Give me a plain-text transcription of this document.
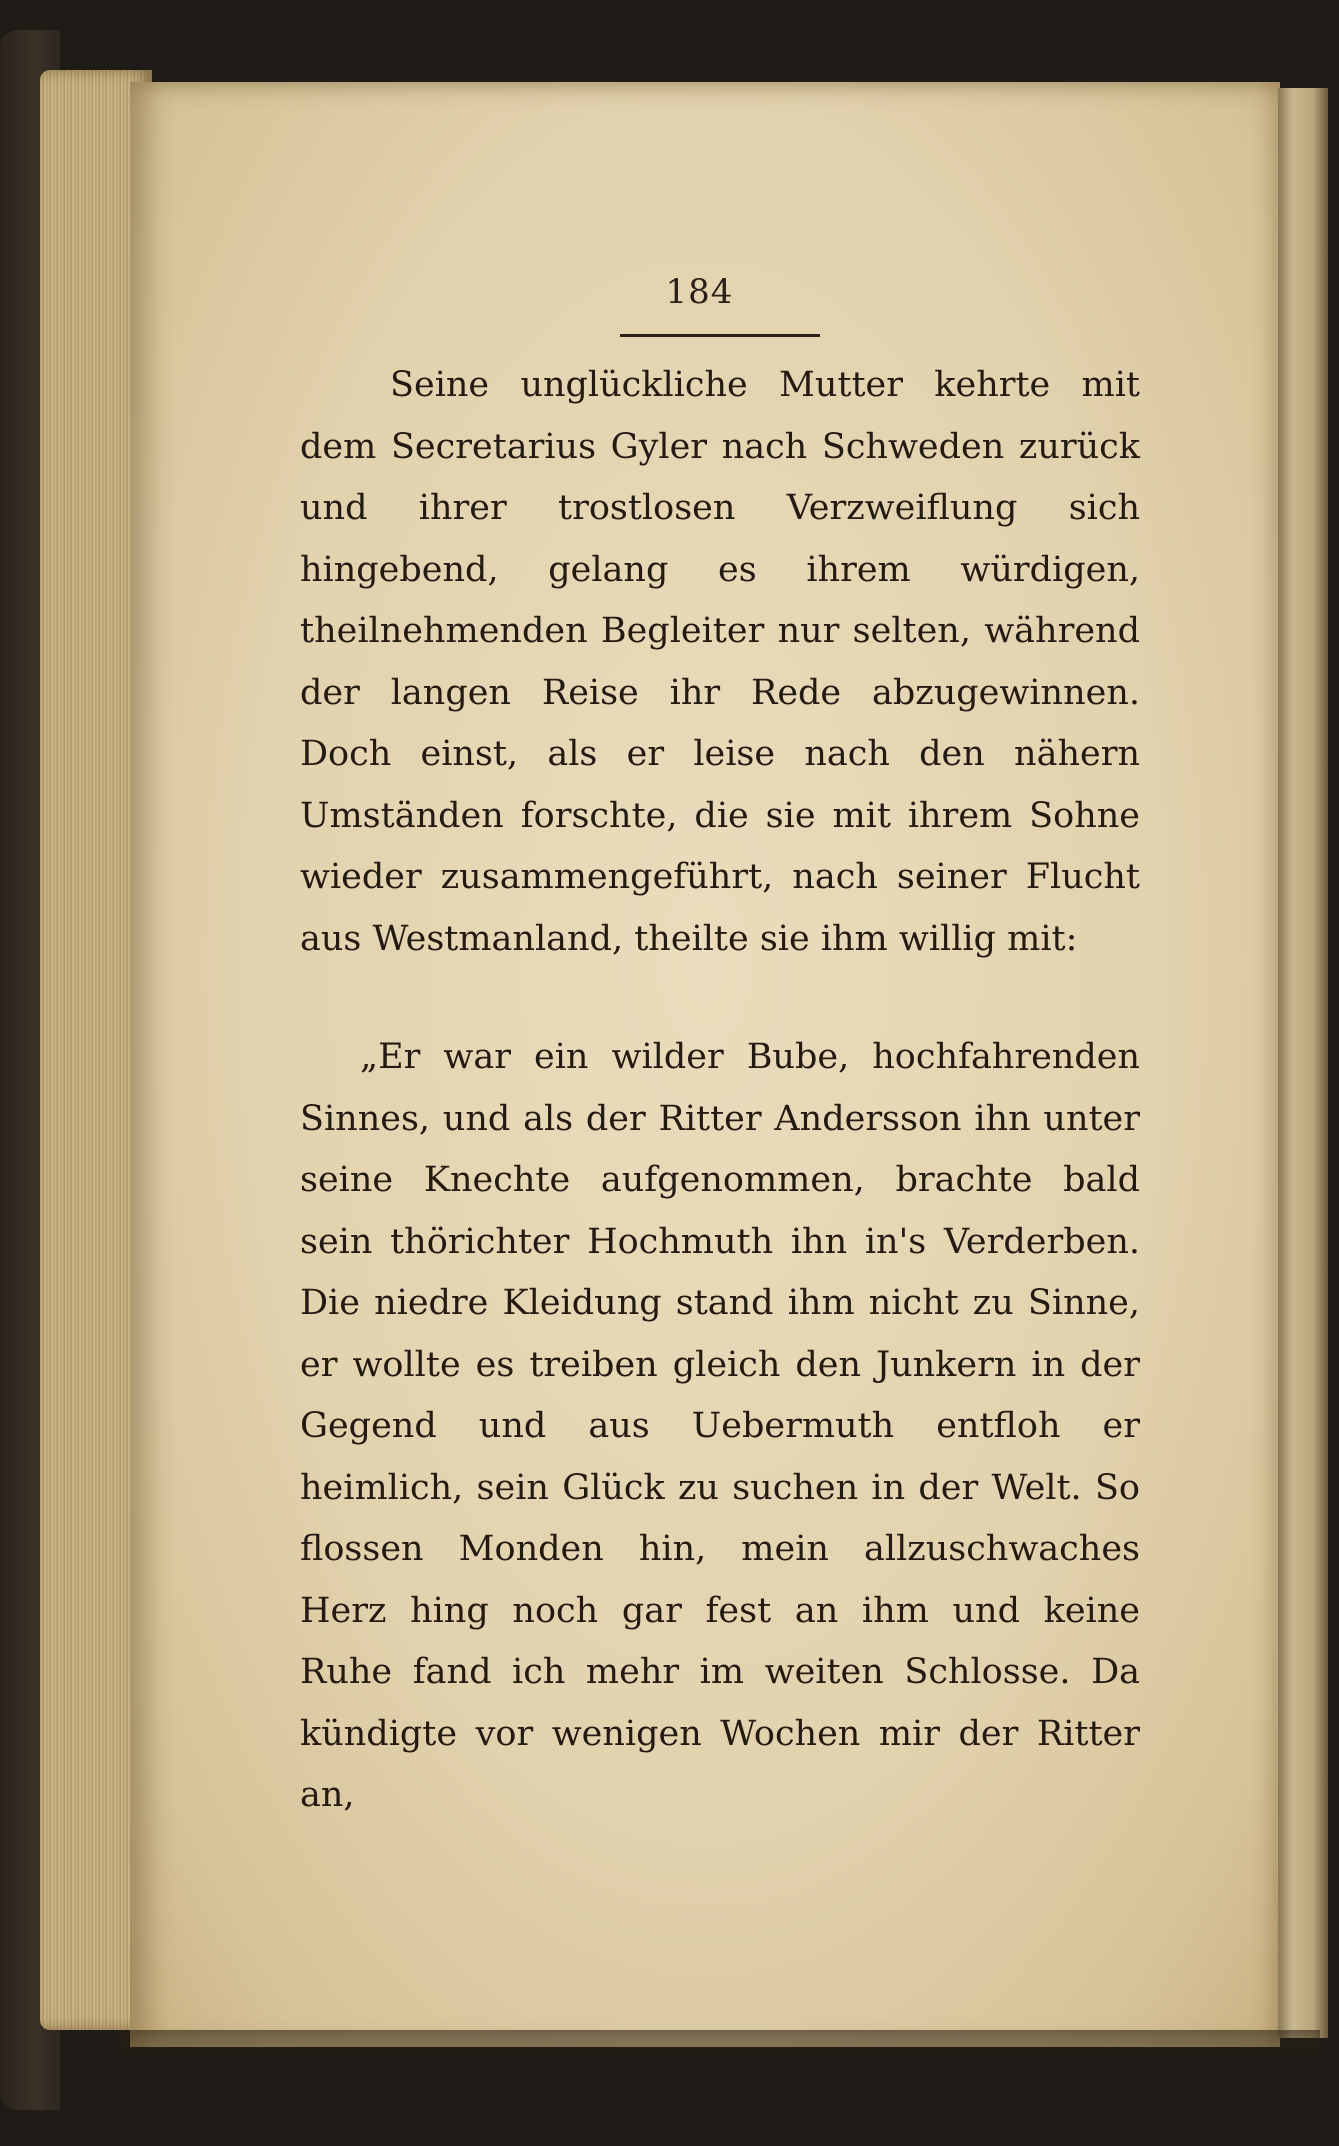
184

Seine unglückliche Mutter kehrte mit dem Secretarius Gyler nach Schweden zurück und ihrer trostlosen Verzweiflung sich hingebend, gelang es ihrem würdigen, theilnehmenden Begleiter nur selten, während der langen Reise ihr Rede abzugewinnen. Doch einst, als er leise nach den nähern Umständen forschte, die sie mit ihrem Sohne wieder zusammengeführt, nach seiner Flucht aus Westmanland, theilte sie ihm willig mit:

„Er war ein wilder Bube, hochfahrenden Sinnes, und als der Ritter Andersson ihn unter seine Knechte aufgenommen, brachte bald sein thörichter Hochmuth ihn in's Verderben. Die niedre Kleidung stand ihm nicht zu Sinne, er wollte es treiben gleich den Junkern in der Gegend und aus Uebermuth entfloh er heimlich, sein Glück zu suchen in der Welt. So flossen Monden hin, mein allzuschwaches Herz hing noch gar fest an ihm und keine Ruhe fand ich mehr im weiten Schlosse. Da kündigte vor wenigen Wochen mir der Ritter an,
